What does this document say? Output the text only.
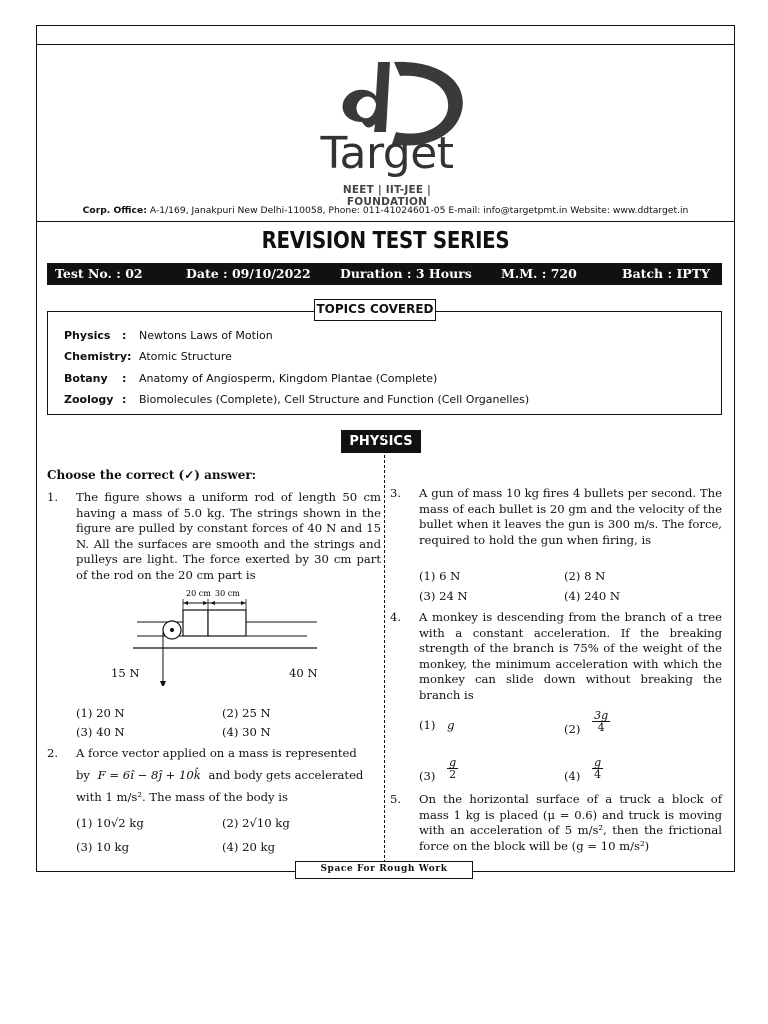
Target
NEET | IIT-JEE | FOUNDATION
Corp. Office: A-1/169, Janakpuri New Delhi-110058, Phone: 011-41024601-05 E-mail: info@targetpmt.in Website: www.ddtarget.in
REVISION TEST SERIES
Test No. : 02	Date : 09/10/2022 Duration : 3 Hours M.M. : 720	Batch : IPTY
Physics : Newtons Laws of Motion
Chemistry: Atomic Structure
Botany : Anatomy of Angiosperm, Kingdom Plantae (Complete)
Zoology : Biomolecules (Complete), Cell Structure and Function (Cell Organelles)
TOPICS COVERED
PHYSICS
Choose the correct (✓) answer:
1. The figure shows a uniform rod of length 50 cm having a mass of 5.0 kg. The strings shown in the figure are pulled by constant forces of 40 N and 15 N. All the surfaces are smooth and the strings and pulleys are light. The force exerted by 30 cm part of the rod on the 20 cm part is
20 cm 30 cm
15 N	40 N
(1) 20 N	(2) 25 N
(3) 40 N	(4) 30 N
2. A force vector applied on a mass is represented
by F = 6î − 8ĵ + 10k̂ and body gets accelerated
with 1 m/s². The mass of the body is
(1) 10√2 kg	(2) 2√10 kg
(3) 10 kg	(4) 20 kg
3. A gun of mass 10 kg fires 4 bullets per second. The mass of each bullet is 20 gm and the velocity of the bullet when it leaves the gun is 300 m/s. The force, required to hold the gun when firing, is
(1) 6 N	(2) 8 N
(3) 24 N	(4) 240 N
4. A monkey is descending from the branch of a tree with a constant acceleration. If the breaking strength of the branch is 75% of the weight of the monkey, the minimum acceleration with which the monkey can slide down without breaking the branch is
(1) g	$(2) \frac{3g}{4}$
$(3) \frac{g}{2}$	$(4) \frac{g}{4}$
5. On the horizontal surface of a truck a block of mass 1 kg is placed (μ = 0.6) and truck is moving with an acceleration of 5 m/s², then the frictional force on the block will be (g = 10 m/s²)
Space For Rough Work
